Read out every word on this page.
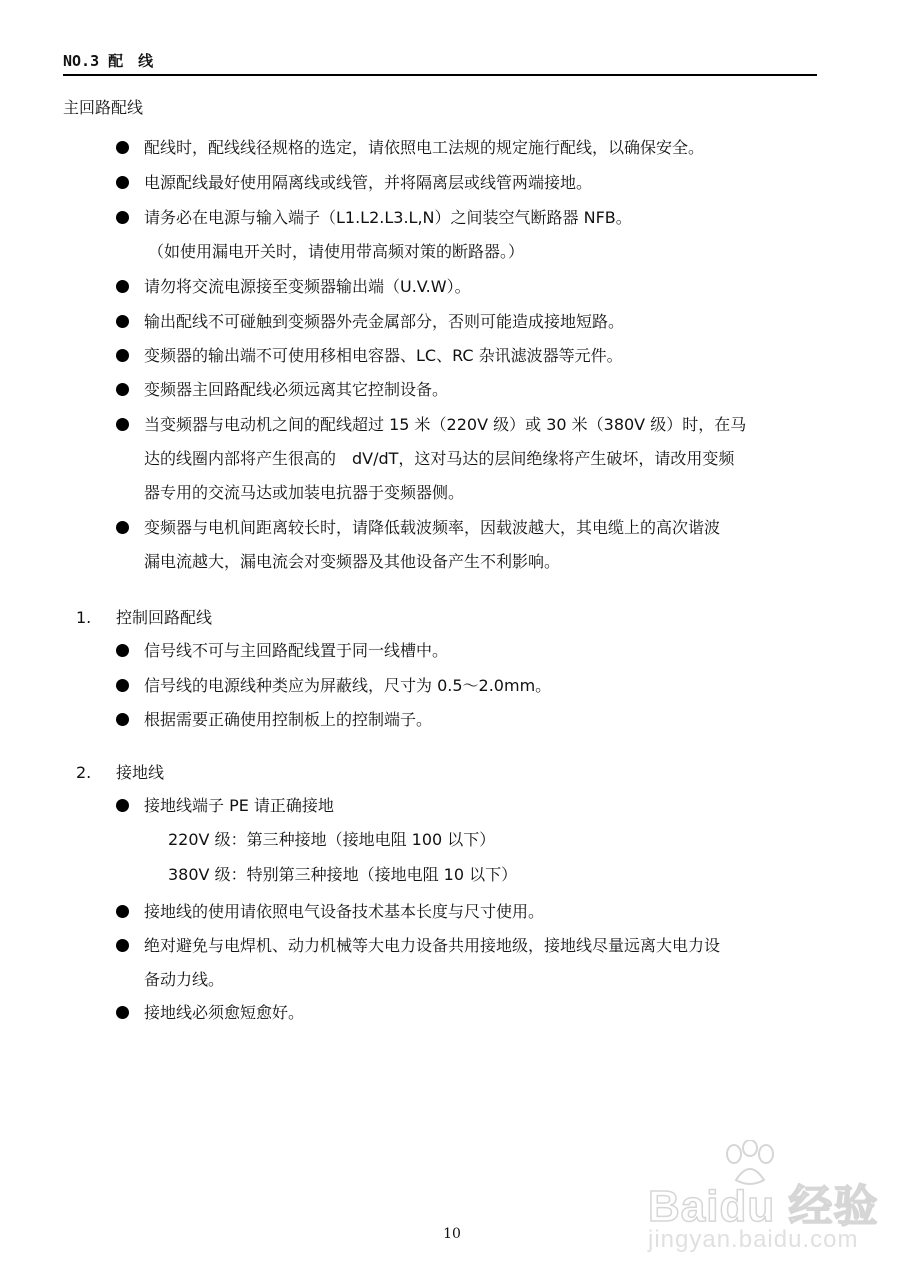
NO.3 配　线
主回路配线
配线时，配线线径规格的选定，请依照电工法规的规定施行配线，以确保安全。
电源配线最好使用隔离线或线管，并将隔离层或线管两端接地。
请务必在电源与输入端子（L1.L2.L3.L,N）之间装空气断路器 NFB。
（如使用漏电开关时，请使用带高频对策的断路器。）
请勿将交流电源接至变频器输出端（U.V.W）。
输出配线不可碰触到变频器外壳金属部分，否则可能造成接地短路。
变频器的输出端不可使用移相电容器、LC、RC 杂讯滤波器等元件。
变频器主回路配线必须远离其它控制设备。
当变频器与电动机之间的配线超过 15 米（220V 级）或 30 米（380V 级）时，在马
达的线圈内部将产生很高的　dV/dT，这对马达的层间绝缘将产生破坏，请改用变频
器专用的交流马达或加装电抗器于变频器侧。
变频器与电机间距离较长时，请降低载波频率，因载波越大，其电缆上的高次谐波
漏电流越大，漏电流会对变频器及其他设备产生不利影响。
1. 控制回路配线
信号线不可与主回路配线置于同一线槽中。
信号线的电源线种类应为屏蔽线，尺寸为 0.5～2.0mm。
根据需要正确使用控制板上的控制端子。
2. 接地线
接地线端子 PE 请正确接地
220V 级：第三种接地（接地电阻 100 以下）
380V 级：特别第三种接地（接地电阻 10 以下）
接地线的使用请依照电气设备技术基本长度与尺寸使用。
绝对避免与电焊机、动力机械等大电力设备共用接地级，接地线尽量远离大电力设
备动力线。
接地线必须愈短愈好。
10
Baidu 经验
jingyan.baidu.com
